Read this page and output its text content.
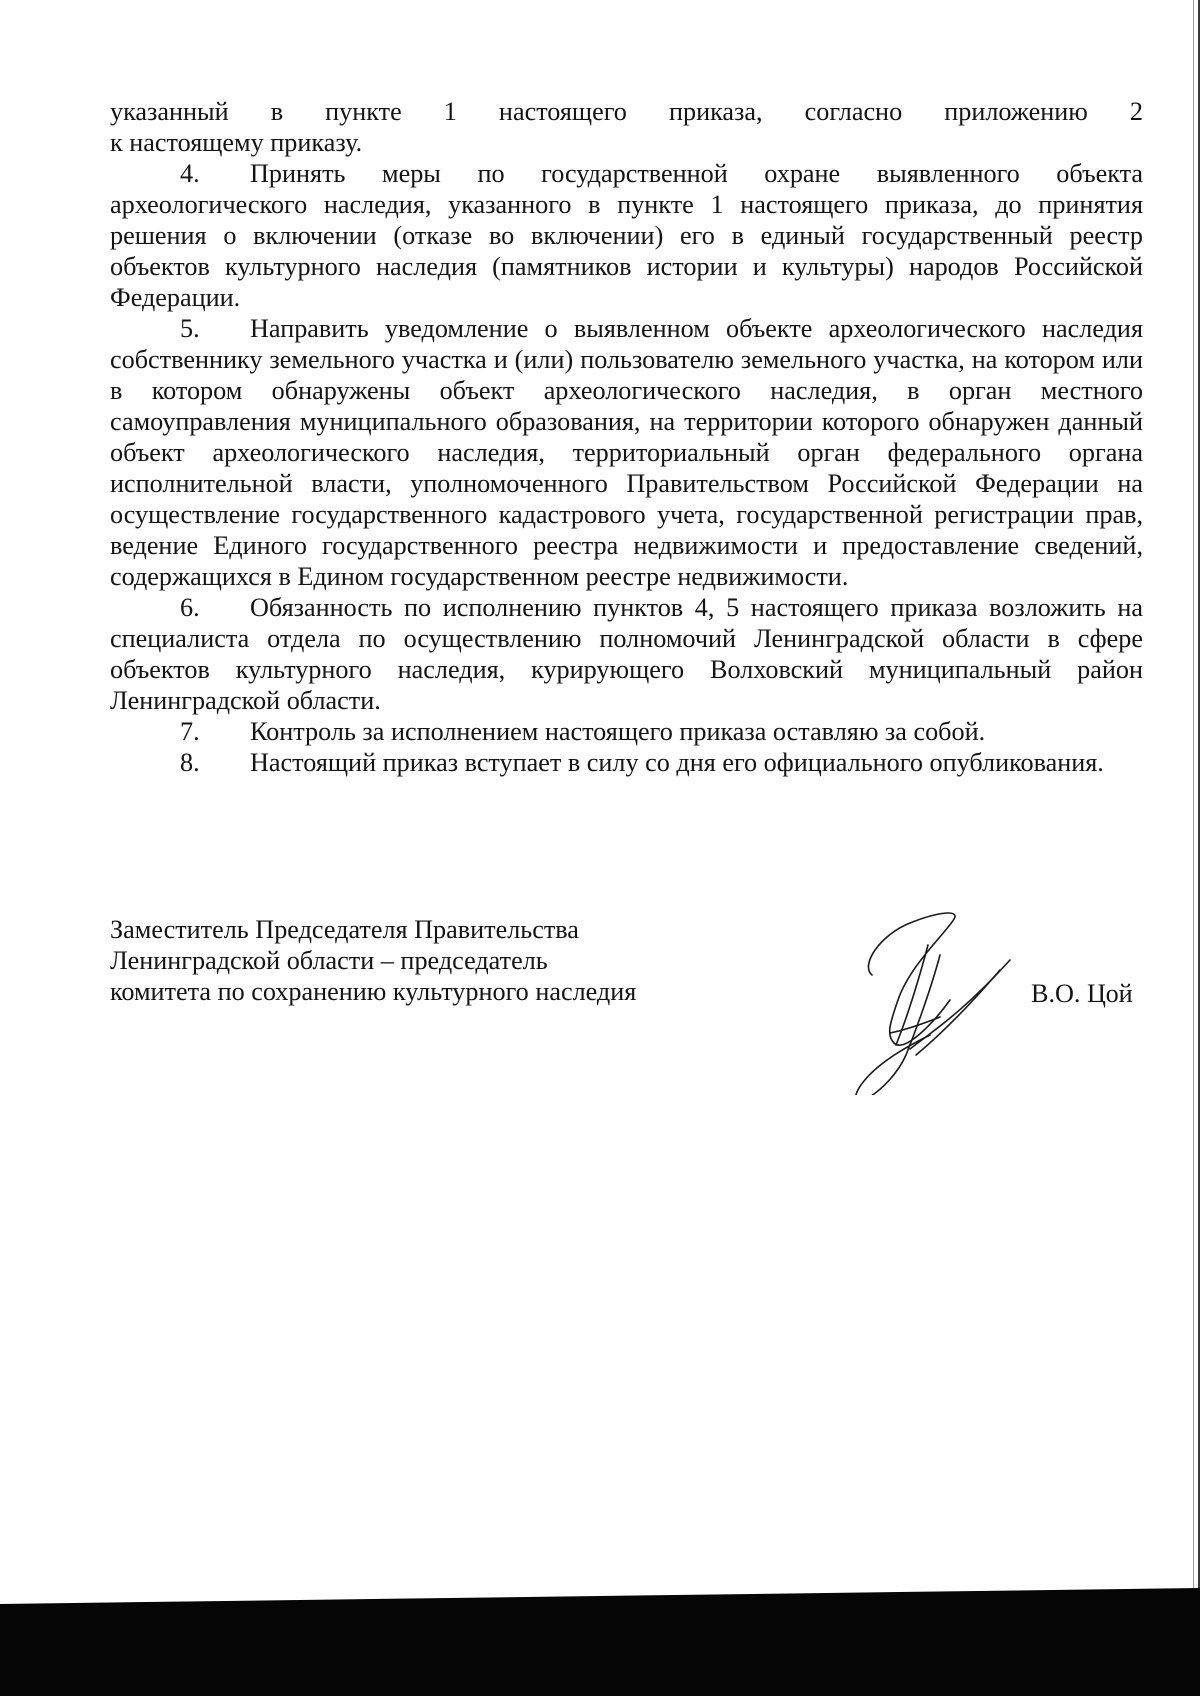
указанный в пункте 1 настоящего приказа, согласно приложению 2

к настоящему приказу.

4. Принять меры по государственной охране выявленного объекта археологического наследия, указанного в пункте 1 настоящего приказа, до принятия решения о включении (отказе во включении) его в единый государственный реестр объектов культурного наследия (памятников истории и культуры) народов Российской Федерации.

5. Направить уведомление о выявленном объекте археологического наследия собственнику земельного участка и (или) пользователю земельного участка, на котором или в котором обнаружены объект археологического наследия, в орган местного самоуправления муниципального образования, на территории которого обнаружен данный объект археологического наследия, территориальный орган федерального органа исполнительной власти, уполномоченного Правительством Российской Федерации на осуществление государственного кадастрового учета, государственной регистрации прав, ведение Единого государственного реестра недвижимости и предоставление сведений, содержащихся в Едином государственном реестре недвижимости.

6. Обязанность по исполнению пунктов 4, 5 настоящего приказа возложить на специалиста отдела по осуществлению полномочий Ленинградской области в сфере объектов культурного наследия, курирующего Волховский муниципальный район Ленинградской области.

7. Контроль за исполнением настоящего приказа оставляю за собой.

8. Настоящий приказ вступает в силу со дня его официального опубликования.

Заместитель Председателя Правительства
Ленинградской области – председатель
комитета по сохранению культурного наследия	В.О. Цой
